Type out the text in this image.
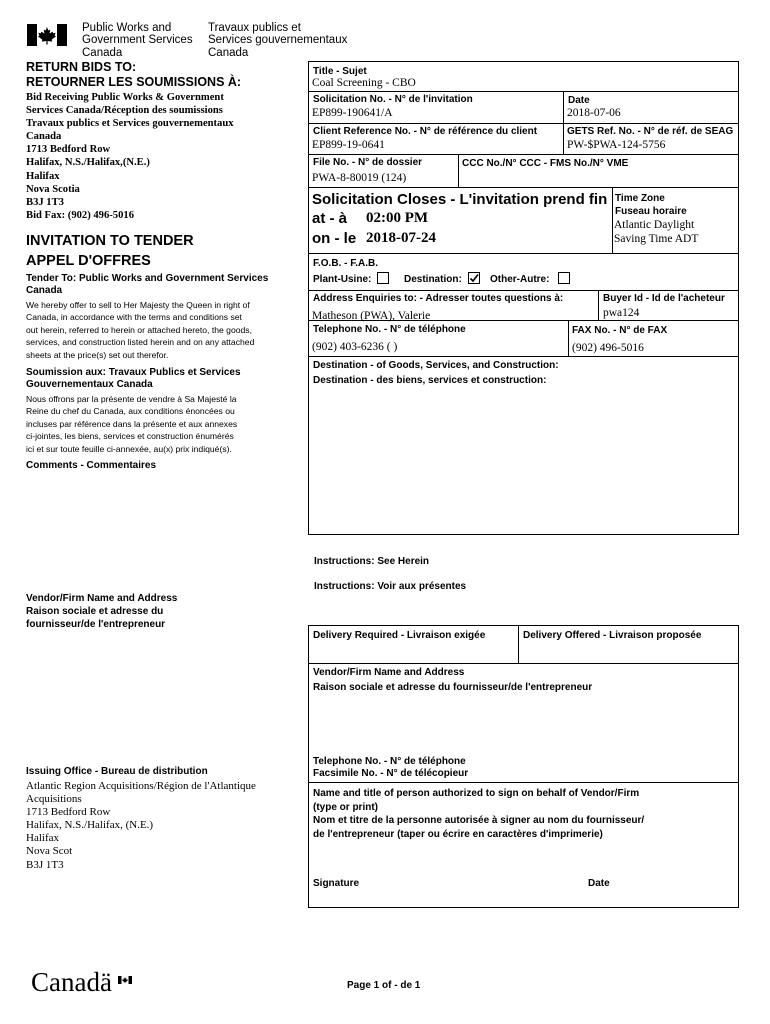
Public Works and
Government Services
Canada
Travaux publics et
Services gouvernementaux
Canada
RETURN BIDS TO:
RETOURNER LES SOUMISSIONS À:
Bid Receiving Public Works & Government
Services Canada/Réception des soumissions
Travaux publics et Services gouvernementaux
Canada
1713 Bedford Row
Halifax, N.S./Halifax,(N.E.)
Halifax
Nova Scotia
B3J 1T3
Bid Fax: (902) 496-5016
INVITATION TO TENDER
APPEL D'OFFRES
Tender To: Public Works and Government Services
Canada
We hereby offer to sell to Her Majesty the Queen in right of
Canada, in accordance with the terms and conditions set
out herein, referred to herein or attached hereto, the goods,
services, and construction listed herein and on any attached
sheets at the price(s) set out therefor.
Soumission aux: Travaux Publics et Services
Gouvernementaux Canada
Nous offrons par la présente de vendre à Sa Majesté la
Reine du chef du Canada, aux conditions énoncées ou
incluses par référence dans la présente et aux annexes
ci-jointes, les biens, services et construction énumérés
ici et sur toute feuille ci-annexée, au(x) prix indiqué(s).
Comments - Commentaires
Vendor/Firm Name and Address
Raison sociale et adresse du
fournisseur/de l'entrepreneur
Issuing Office - Bureau de distribution
Atlantic Region Acquisitions/Région de l'Atlantique
Acquisitions
1713 Bedford Row
Halifax, N.S./Halifax, (N.E.)
Halifax
Nova Scot
B3J 1T3
Title - Sujet
Coal Screening - CBO
Solicitation No. - N° de l'invitation
EP899-190641/A
Date
2018-07-06
Client Reference No. - N° de référence du client
EP899-19-0641
GETS Ref. No. - N° de réf. de SEAG
PW-$PWA-124-5756
File No. - N° de dossier
PWA-8-80019 (124)
CCC No./N° CCC - FMS No./N° VME
Solicitation Closes - L'invitation prend fin
at - à 02:00 PM
on - le 2018-07-24
Time Zone
Fuseau horaire
Atlantic Daylight
Saving Time ADT
F.O.B. - F.A.B.
Plant-Usine:	Destination:	Other-Autre:
Address Enquiries to: - Adresser toutes questions à:
Matheson (PWA), Valerie
Buyer Id - Id de l'acheteur
pwa124
Telephone No. - N° de téléphone
(902) 403-6236 ( )
FAX No. - N° de FAX
(902) 496-5016
Destination - of Goods, Services, and Construction:
Destination - des biens, services et construction:
Instructions: See Herein
Instructions: Voir aux présentes
Delivery Required - Livraison exigée	Delivery Offered - Livraison proposée
Vendor/Firm Name and Address
Raison sociale et adresse du fournisseur/de l'entrepreneur
Telephone No. - N° de téléphone
Facsimile No. - N° de télécopieur
Name and title of person authorized to sign on behalf of Vendor/Firm
(type or print)
Nom et titre de la personne autorisée à signer au nom du fournisseur/
de l'entrepreneur (taper ou écrire en caractères d'imprimerie)
Signature	Date
Canadä	Page 1 of - de 1
